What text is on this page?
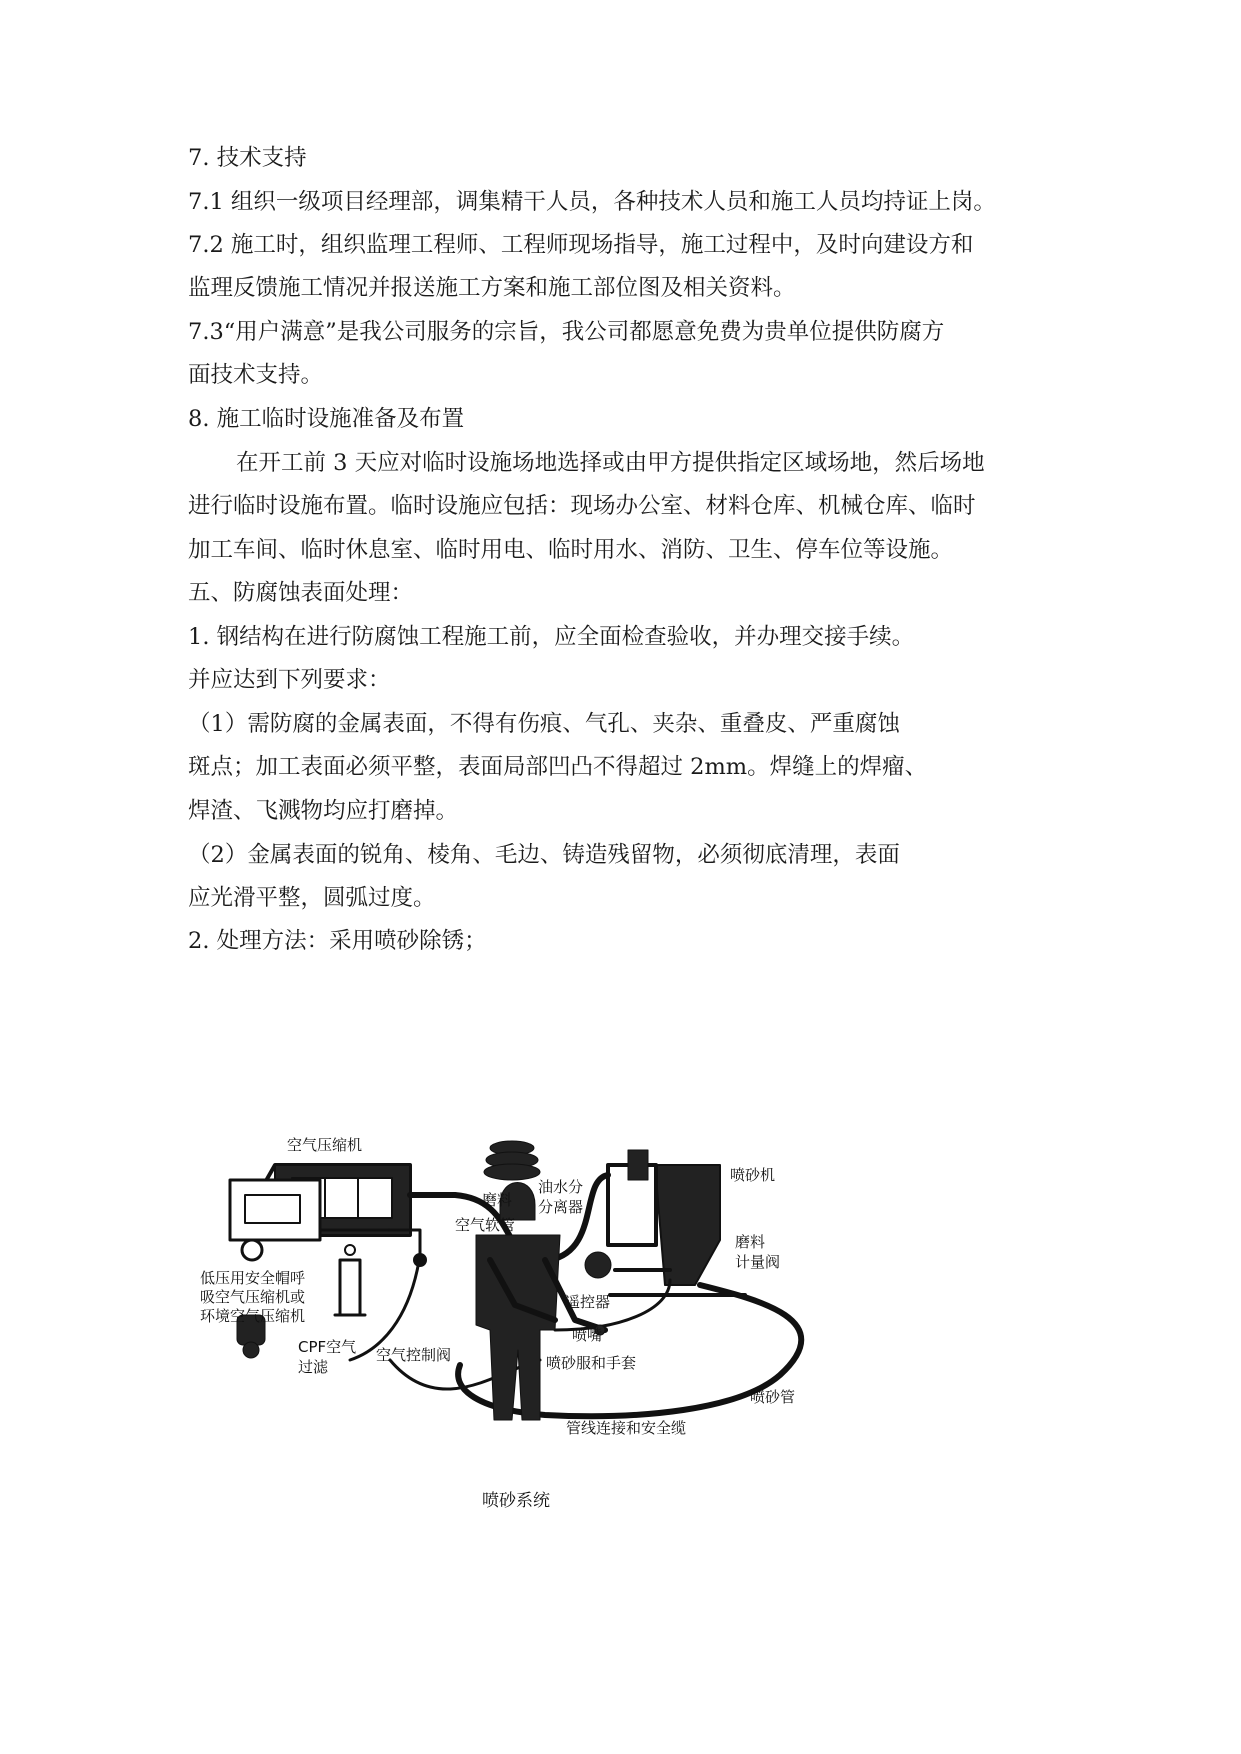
7. 技术支持
7.1 组织一级项目经理部，调集精干人员，各种技术人员和施工人员均持证上岗。
7.2 施工时，组织监理工程师、工程师现场指导，施工过程中，及时向建设方和
监理反馈施工情况并报送施工方案和施工部位图及相关资料。
7.3“用户满意”是我公司服务的宗旨，我公司都愿意免费为贵单位提供防腐方
面技术支持。
8. 施工临时设施准备及布置
在开工前 3 天应对临时设施场地选择或由甲方提供指定区域场地，然后场地
进行临时设施布置。临时设施应包括：现场办公室、材料仓库、机械仓库、临时
加工车间、临时休息室、临时用电、临时用水、消防、卫生、停车位等设施。
五、防腐蚀表面处理：
1. 钢结构在进行防腐蚀工程施工前，应全面检查验收，并办理交接手续。
并应达到下列要求：
（1）需防腐的金属表面，不得有伤痕、气孔、夹杂、重叠皮、严重腐蚀
斑点；加工表面必须平整，表面局部凹凸不得超过 2mm。焊缝上的焊瘤、
焊渣、飞溅物均应打磨掉。
（2）金属表面的锐角、棱角、毛边、铸造残留物，必须彻底清理，表面
应光滑平整，圆弧过度。
2. 处理方法：采用喷砂除锈；
空气压缩机
磨料
喷砂机
油水分
分离器
空气软管
磨料
计量阀
低压用安全帽呼
吸空气压缩机或
环境空气压缩机
遥控器
喷嘴
CPF空气
过滤
空气控制阀	喷砂服和手套
喷砂管
管线连接和安全缆
喷砂系统
